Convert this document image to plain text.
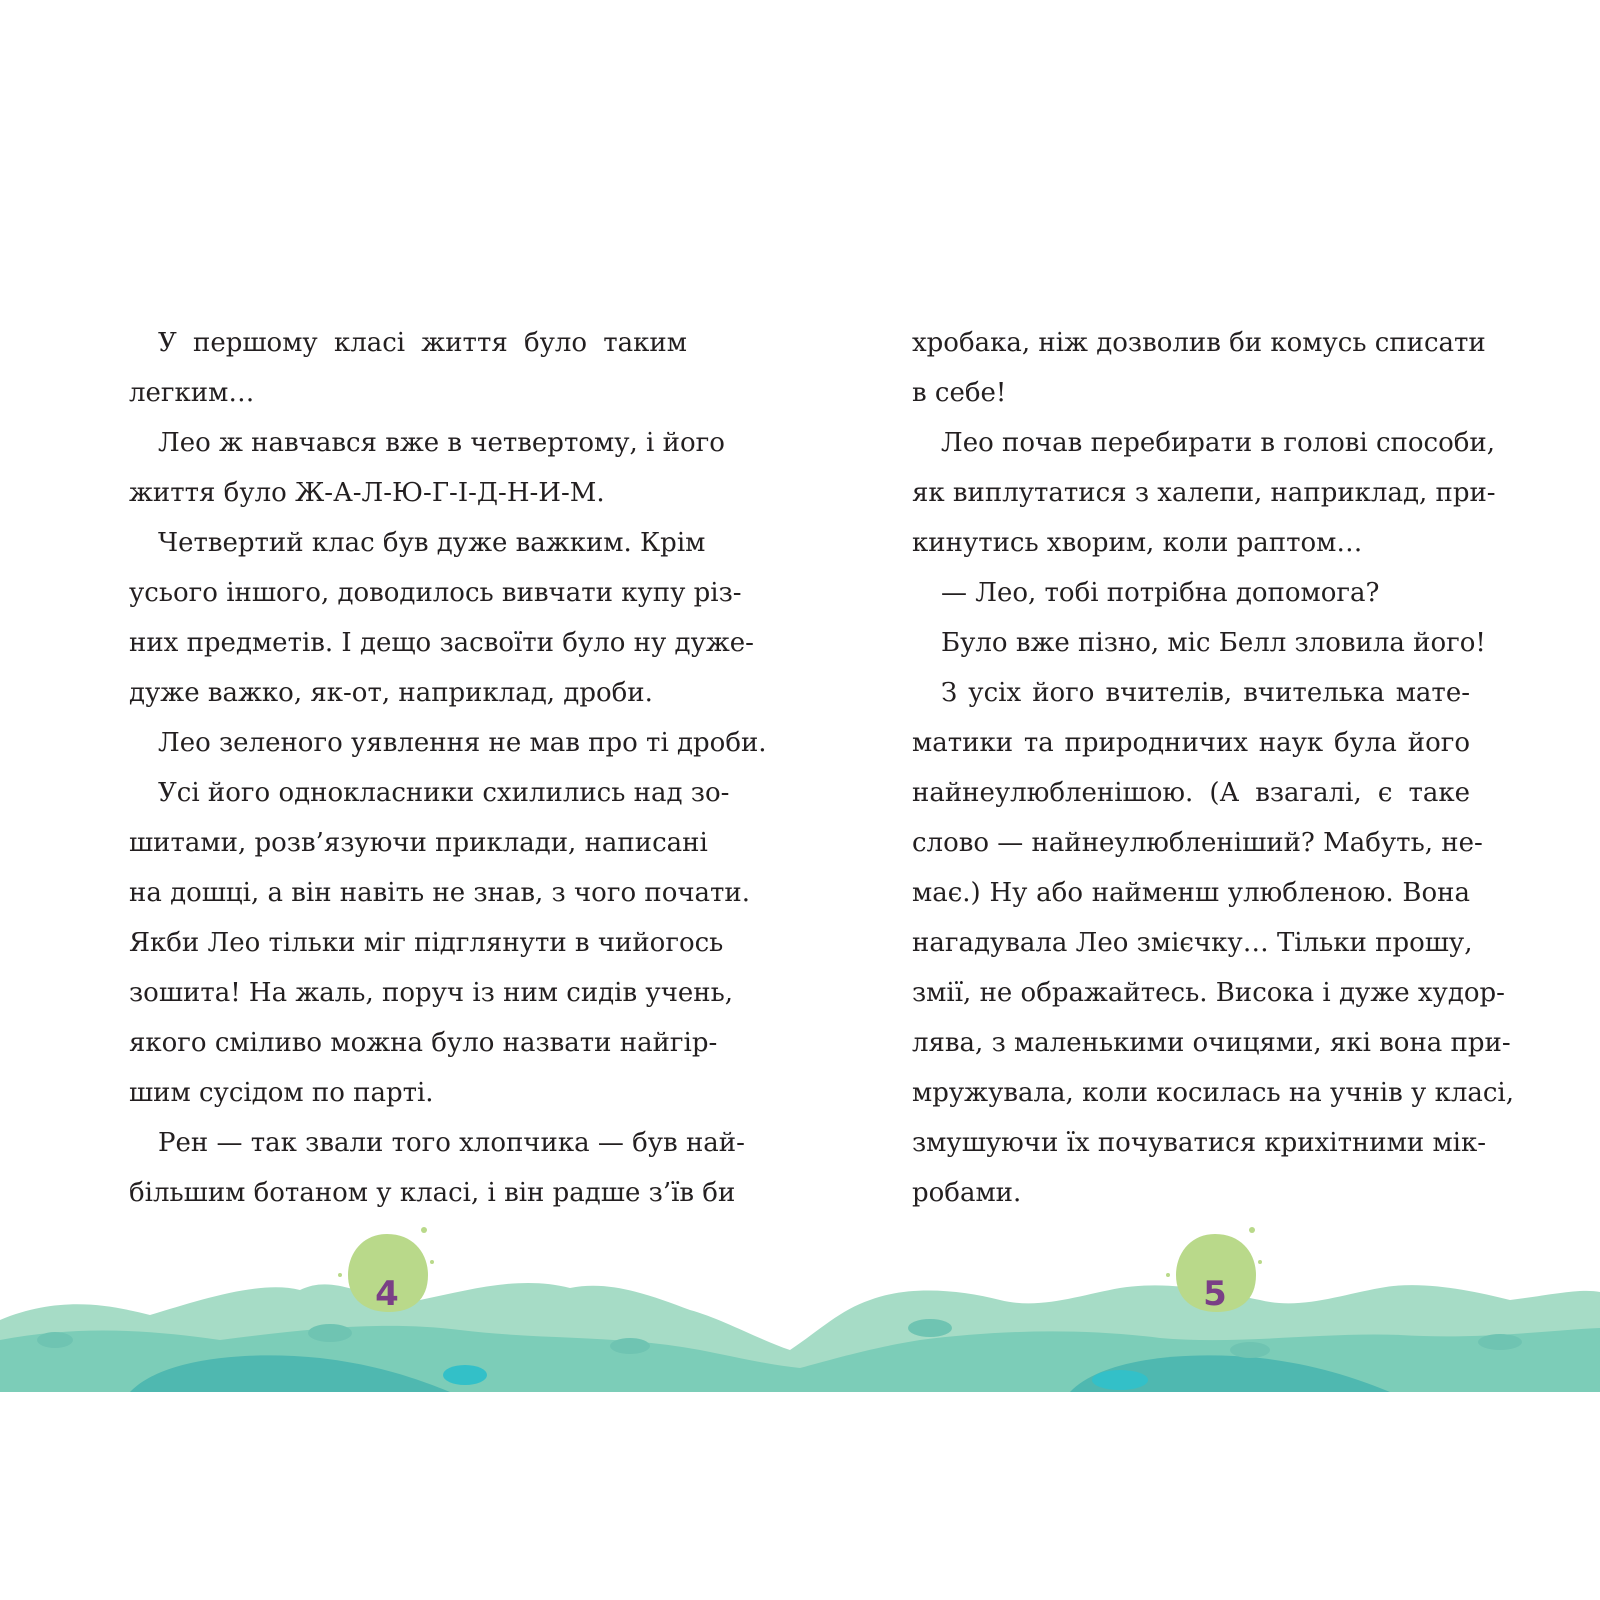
У першому класі життя було таким
легким…
Лео ж навчався вже в четвертому, і його
життя було Ж-А-Л-Ю-Г-І-Д-Н-И-М.
Четвертий клас був дуже важким. Крім
усього іншого, доводилось вивчати купу різ-
них предметів. І дещо засвоїти було ну дуже-
дуже важко, як-от, наприклад, дроби.
Лео зеленого уявлення не мав про ті дроби.
Усі його однокласники схилились над зо-
шитами, розв’язуючи приклади, написані
на дошці, а він навіть не знав, з чого почати.
Якби Лео тільки міг підглянути в чийогось
зошита! На жаль, поруч із ним сидів учень,
якого сміливо можна було назвати найгір-
шим сусідом по парті.
Рен — так звали того хлопчика — був най-
більшим ботаном у класі, і він радше з’їв би
хробака, ніж дозволив би комусь списати
в себе!
Лео почав перебирати в голові способи,
як виплутатися з халепи, наприклад, при-
кинутись хворим, коли раптом…
— Лео, тобі потрібна допомога?
Було вже пізно, міс Белл зловила його!
З усіх його вчителів, вчителька мате-
матики та природничих наук була його
найнеулюбленішою. (А взагалі, є таке
слово — найнеулюбленіший? Мабуть, не-
має.) Ну або найменш улюбленою. Вона
нагадувала Лео змієчку… Тільки прошу,
змії, не ображайтесь. Висока і дуже худор-
лява, з маленькими очицями, які вона при-
мружувала, коли косилась на учнів у класі,
змушуючи їх почуватися крихітними мік-
робами.
4	5
